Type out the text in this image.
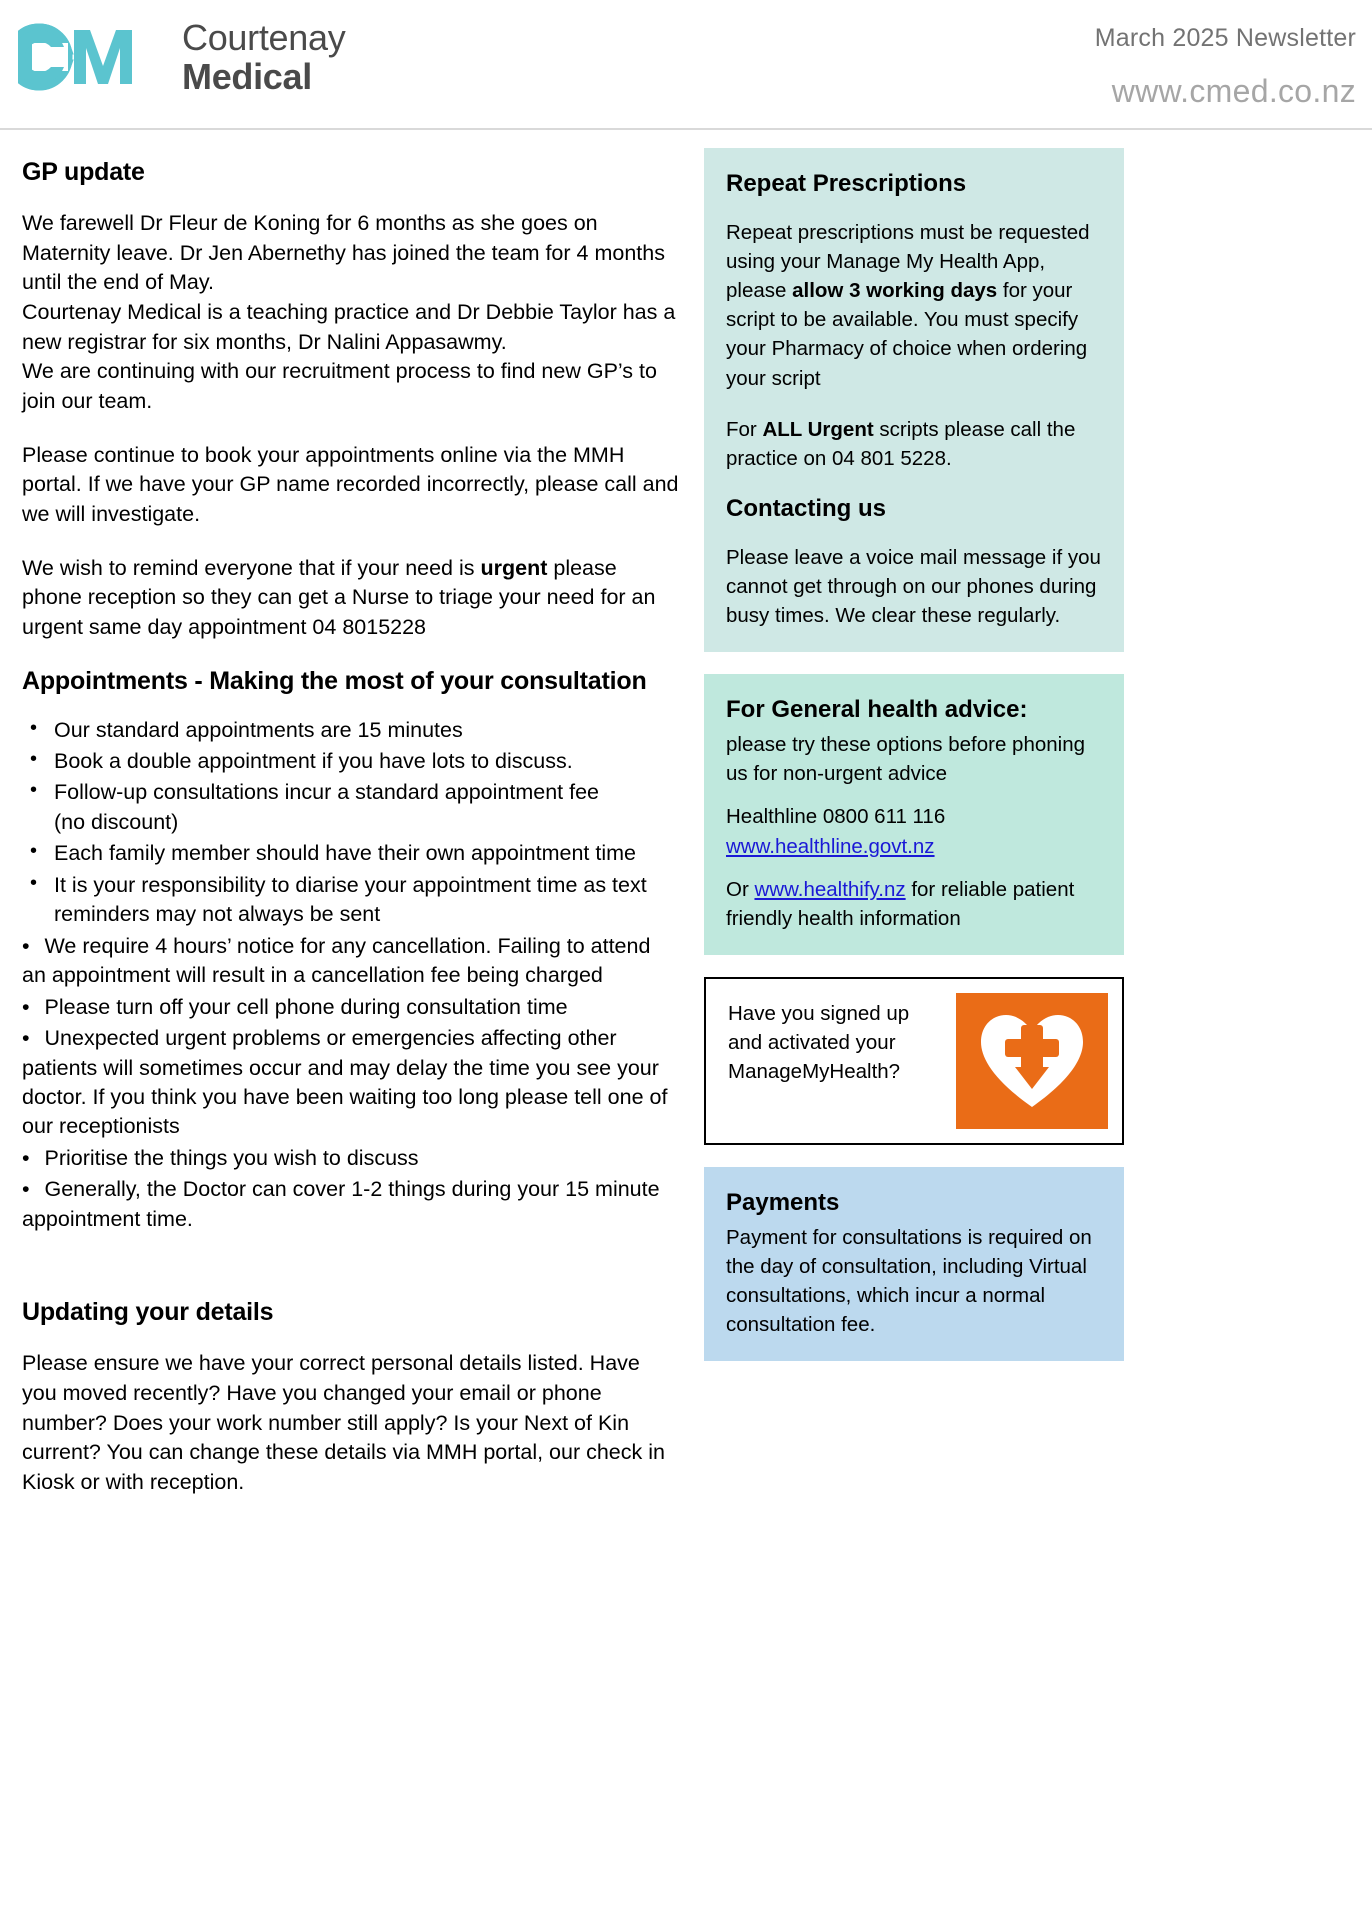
Courtenay
Medical
March 2025 Newsletter
www.cmed.co.nz
GP update

We farewell Dr Fleur de Koning for 6 months as she goes on Maternity leave. Dr Jen Abernethy has joined the team for 4 months until the end of May.
Courtenay Medical is a teaching practice and Dr Debbie Taylor has a new registrar for six months, Dr Nalini Appasawmy.
We are continuing with our recruitment process to find new GP’s to join our team.

Please continue to book your appointments online via the MMH portal. If we have your GP name recorded incorrectly, please call and we will investigate.

We wish to remind everyone that if your need is urgent please phone reception so they can get a Nurse to triage your need for an urgent same day appointment 04 8015228

Appointments - Making the most of your consultation
• Our standard appointments are 15 minutes
• Book a double appointment if you have lots to discuss.
• Follow-up consultations incur a standard appointment fee
(no discount)
• Each family member should have their own appointment time
• It is your responsibility to diarise your appointment time as text reminders may not always be sent
• We require 4 hours’ notice for any cancellation. Failing to attend an appointment will result in a cancellation fee being charged
• Please turn off your cell phone during consultation time
• Unexpected urgent problems or emergencies affecting other patients will sometimes occur and may delay the time you see your doctor. If you think you have been waiting too long please tell one of our receptionists
• Prioritise the things you wish to discuss
• Generally, the Doctor can cover 1-2 things during your 15 minute appointment time.
Updating your details

Please ensure we have your correct personal details listed. Have you moved recently? Have you changed your email or phone number? Does your work number still apply? Is your Next of Kin current? You can change these details via MMH portal, our check in Kiosk or with reception.

Repeat Prescriptions

Repeat prescriptions must be requested using your Manage My Health App, please allow 3 working days for your script to be available. You must specify your Pharmacy of choice when ordering your script

For ALL Urgent scripts please call the practice on 04 801 5228.

Contacting us

Please leave a voice mail message if you cannot get through on our phones during busy times. We clear these regularly.

For General health advice:

please try these options before phoning us for non-urgent advice

Healthline 0800 611 116
www.healthline.govt.nz

Or www.healthify.nz for reliable patient friendly health information

Have you signed up and activated your ManageMyHealth?
Payments

Payment for consultations is required on the day of consultation, including Virtual consultations, which incur a normal consultation fee.
